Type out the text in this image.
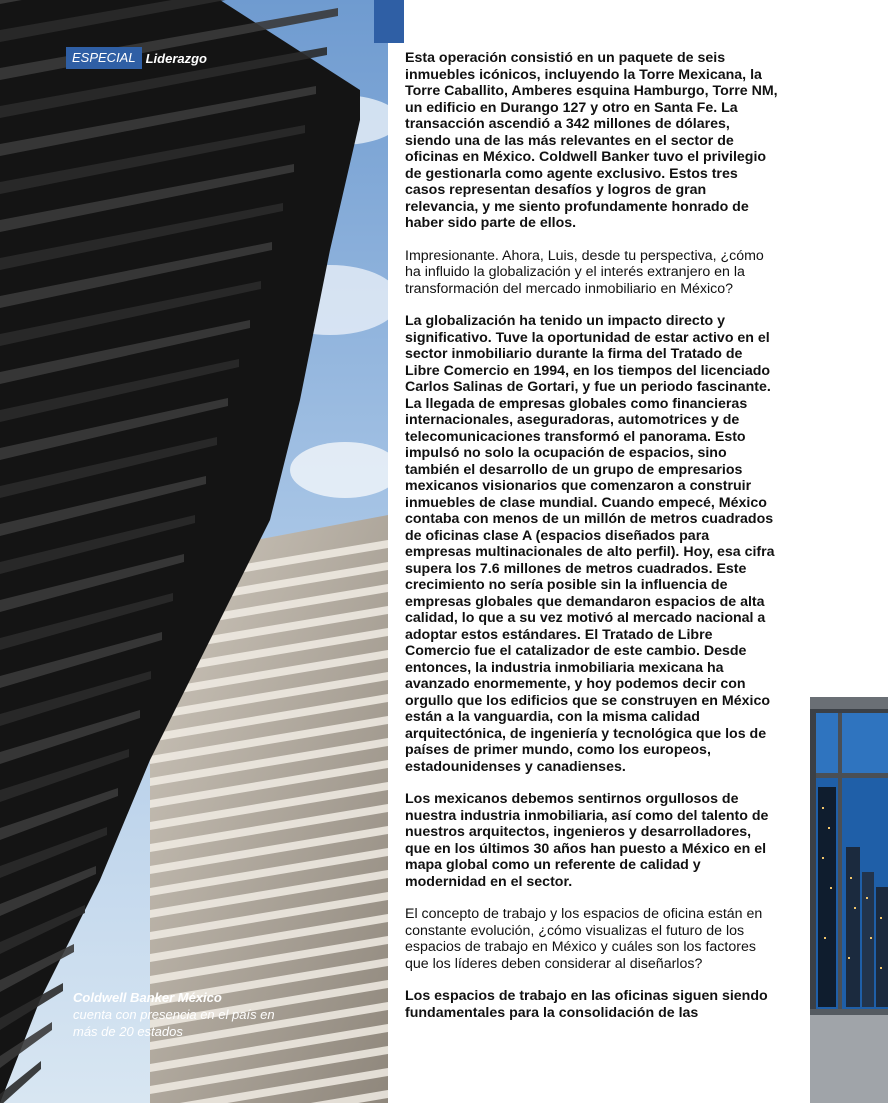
ESPECIAL Liderazgo
Coldwell Banker México
cuenta con presencia en el país en más de 20 estados

Esta operación consistió en un paquete de seis inmuebles icónicos, incluyendo la Torre Mexicana, la Torre Caballito, Amberes esquina Hamburgo, Torre NM, un edificio en Durango 127 y otro en Santa Fe. La transacción ascendió a 342 millones de dólares, siendo una de las más relevantes en el sector de oficinas en México. Coldwell Banker tuvo el privilegio de gestionarla como agente exclusivo. Estos tres casos representan desafíos y logros de gran relevancia, y me siento profundamente honrado de haber sido parte de ellos.

Impresionante. Ahora, Luis, desde tu perspectiva, ¿cómo ha influido la globalización y el interés extranjero en la transformación del mercado inmobiliario en México?

La globalización ha tenido un impacto directo y significativo. Tuve la oportunidad de estar activo en el sector inmobiliario durante la firma del Tratado de Libre Comercio en 1994, en los tiempos del licenciado Carlos Salinas de Gortari, y fue un periodo fascinante. La llegada de empresas globales como financieras internacionales, aseguradoras, automotrices y de telecomunicaciones transformó el panorama. Esto impulsó no solo la ocupación de espacios, sino también el desarrollo de un grupo de empresarios mexicanos visionarios que comenzaron a construir inmuebles de clase mundial. Cuando empecé, México contaba con menos de un millón de metros cuadrados de oficinas clase A (espacios diseñados para empresas multinacionales de alto perfil). Hoy, esa cifra supera los 7.6 millones de metros cuadrados. Este crecimiento no sería posible sin la influencia de empresas globales que demandaron espacios de alta calidad, lo que a su vez motivó al mercado nacional a adoptar estos estándares. El Tratado de Libre Comercio fue el catalizador de este cambio. Desde entonces, la industria inmobiliaria mexicana ha avanzado enormemente, y hoy podemos decir con orgullo que los edificios que se construyen en México están a la vanguardia, con la misma calidad arquitectónica, de ingeniería y tecnológica que los de países de primer mundo, como los europeos, estadounidenses y canadienses.

Los mexicanos debemos sentirnos orgullosos de nuestra industria inmobiliaria, así como del talento de nuestros arquitectos, ingenieros y desarrolladores, que en los últimos 30 años han puesto a México en el mapa global como un referente de calidad y modernidad en el sector.

El concepto de trabajo y los espacios de oficina están en constante evolución, ¿cómo visualizas el futuro de los espacios de trabajo en México y cuáles son los factores que los líderes deben considerar al diseñarlos?

Los espacios de trabajo en las oficinas siguen siendo fundamentales para la consolidación de las
